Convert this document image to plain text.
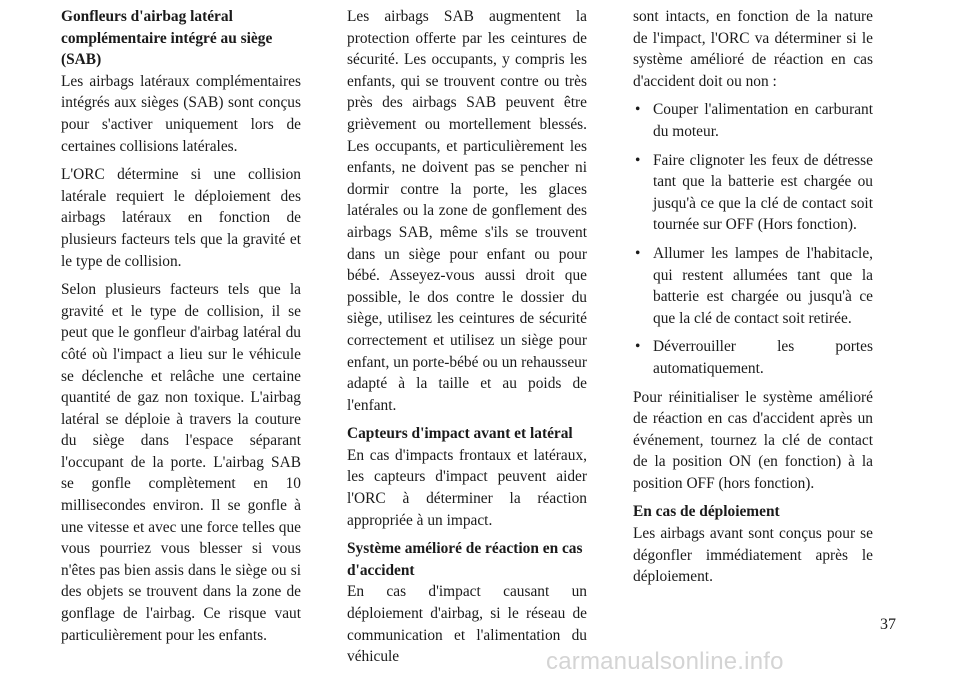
Gonfleurs d'airbag latéral complémentaire intégré au siège (SAB)

Les airbags latéraux complémentaires intégrés aux sièges (SAB) sont conçus pour s'activer uniquement lors de certaines collisions latérales.

L'ORC détermine si une collision latérale requiert le déploiement des airbags latéraux en fonction de plusieurs facteurs tels que la gravité et le type de collision.

Selon plusieurs facteurs tels que la gravité et le type de collision, il se peut que le gonfleur d'airbag latéral du côté où l'impact a lieu sur le véhicule se déclenche et relâche une certaine quantité de gaz non toxique. L'airbag latéral se déploie à travers la couture du siège dans l'espace séparant l'occupant de la porte. L'airbag SAB se gonfle complètement en 10 millisecondes environ. Il se gonfle à une vitesse et avec une force telles que vous pourriez vous blesser si vous n'êtes pas bien assis dans le siège ou si des objets se trouvent dans la zone de gonflage de l'airbag. Ce risque vaut particulièrement pour les enfants.

Les airbags SAB augmentent la protection offerte par les ceintures de sécurité. Les occupants, y compris les enfants, qui se trouvent contre ou très près des airbags SAB peuvent être grièvement ou mortellement blessés. Les occupants, et particulièrement les enfants, ne doivent pas se pencher ni dormir contre la porte, les glaces latérales ou la zone de gonflement des airbags SAB, même s'ils se trouvent dans un siège pour enfant ou pour bébé. Asseyez-vous aussi droit que possible, le dos contre le dossier du siège, utilisez les ceintures de sécurité correctement et utilisez un siège pour enfant, un porte-bébé ou un rehausseur adapté à la taille et au poids de l'enfant.

Capteurs d'impact avant et latéral

En cas d'impacts frontaux et latéraux, les capteurs d'impact peuvent aider l'ORC à déterminer la réaction appropriée à un impact.

Système amélioré de réaction en cas d'accident

En cas d'impact causant un déploiement d'airbag, si le réseau de communication et l'alimentation du véhicule

sont intacts, en fonction de la nature de l'impact, l'ORC va déterminer si le système amélioré de réaction en cas d'accident doit ou non :

• Couper l'alimentation en carburant du moteur.
• Faire clignoter les feux de détresse tant que la batterie est chargée ou jusqu'à ce que la clé de contact soit tournée sur OFF (Hors fonction).
• Allumer les lampes de l'habitacle, qui restent allumées tant que la batterie est chargée ou jusqu'à ce que la clé de contact soit retirée.
• Déverrouiller les portes automatiquement.

Pour réinitialiser le système amélioré de réaction en cas d'accident après un événement, tournez la clé de contact de la position ON (en fonction) à la position OFF (hors fonction).

En cas de déploiement

Les airbags avant sont conçus pour se dégonfler immédiatement après le déploiement.

37
carmanualsonline.info
